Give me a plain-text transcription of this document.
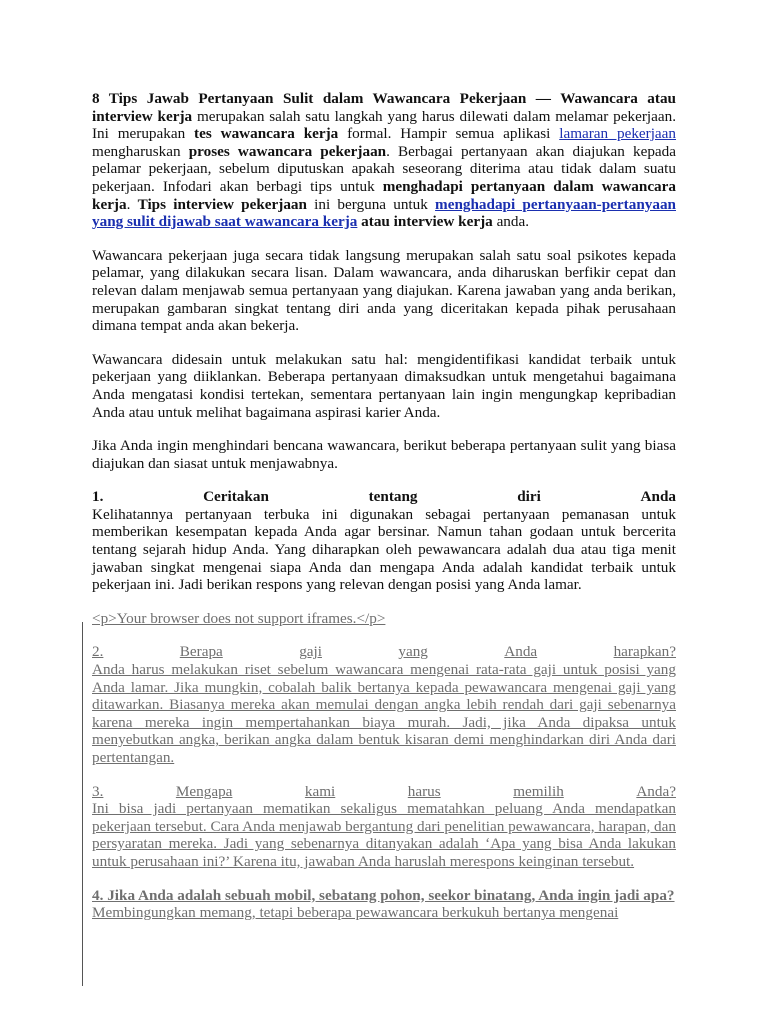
8 Tips Jawab Pertanyaan Sulit dalam Wawancara Pekerjaan — Wawancara atau interview kerja merupakan salah satu langkah yang harus dilewati dalam melamar pekerjaan. Ini merupakan tes wawancara kerja formal. Hampir semua aplikasi lamaran pekerjaan mengharuskan proses wawancara pekerjaan. Berbagai pertanyaan akan diajukan kepada pelamar pekerjaan, sebelum diputuskan apakah seseorang diterima atau tidak dalam suatu pekerjaan. Infodari akan berbagi tips untuk menghadapi pertanyaan dalam wawancara kerja. Tips interview pekerjaan ini berguna untuk menghadapi pertanyaan-pertanyaan yang sulit dijawab saat wawancara kerja atau interview kerja anda.

Wawancara pekerjaan juga secara tidak langsung merupakan salah satu soal psikotes kepada pelamar, yang dilakukan secara lisan. Dalam wawancara, anda diharuskan berfikir cepat dan relevan dalam menjawab semua pertanyaan yang diajukan. Karena jawaban yang anda berikan, merupakan gambaran singkat tentang diri anda yang diceritakan kepada pihak perusahaan dimana tempat anda akan bekerja.

Wawancara didesain untuk melakukan satu hal: mengidentifikasi kandidat terbaik untuk pekerjaan yang diiklankan. Beberapa pertanyaan dimaksudkan untuk mengetahui bagaimana Anda mengatasi kondisi tertekan, sementara pertanyaan lain ingin mengungkap kepribadian Anda atau untuk melihat bagaimana aspirasi karier Anda.

Jika Anda ingin menghindari bencana wawancara, berikut beberapa pertanyaan sulit yang biasa diajukan dan siasat untuk menjawabnya.

1.	Ceritakan	tentang	diri	Anda
Kelihatannya pertanyaan terbuka ini digunakan sebagai pertanyaan pemanasan untuk memberikan kesempatan kepada Anda agar bersinar. Namun tahan godaan untuk bercerita tentang sejarah hidup Anda. Yang diharapkan oleh pewawancara adalah dua atau tiga menit jawaban singkat mengenai siapa Anda dan mengapa Anda adalah kandidat terbaik untuk pekerjaan ini. Jadi berikan respons yang relevan dengan posisi yang Anda lamar.

<p>Your browser does not support iframes.</p>

2.	Berapa	gaji	yang	Anda	harapkan?
Anda harus melakukan riset sebelum wawancara mengenai rata-rata gaji untuk posisi yang Anda lamar. Jika mungkin, cobalah balik bertanya kepada pewawancara mengenai gaji yang ditawarkan. Biasanya mereka akan memulai dengan angka lebih rendah dari gaji sebenarnya karena mereka ingin mempertahankan biaya murah. Jadi, jika Anda dipaksa untuk menyebutkan angka, berikan angka dalam bentuk kisaran demi menghindarkan diri Anda dari pertentangan.
3.	Mengapa	kami	harus	memilih	Anda?
Ini bisa jadi pertanyaan mematikan sekaligus mematahkan peluang Anda mendapatkan pekerjaan tersebut. Cara Anda menjawab bergantung dari penelitian pewawancara, harapan, dan persyaratan mereka. Jadi yang sebenarnya ditanyakan adalah ‘Apa yang bisa Anda lakukan untuk perusahaan ini?’ Karena itu, jawaban Anda haruslah merespons keinginan tersebut.
4. Jika Anda adalah sebuah mobil, sebatang pohon, seekor binatang, Anda ingin jadi apa?
Membingungkan memang, tetapi beberapa pewawancara berkukuh bertanya mengenai
